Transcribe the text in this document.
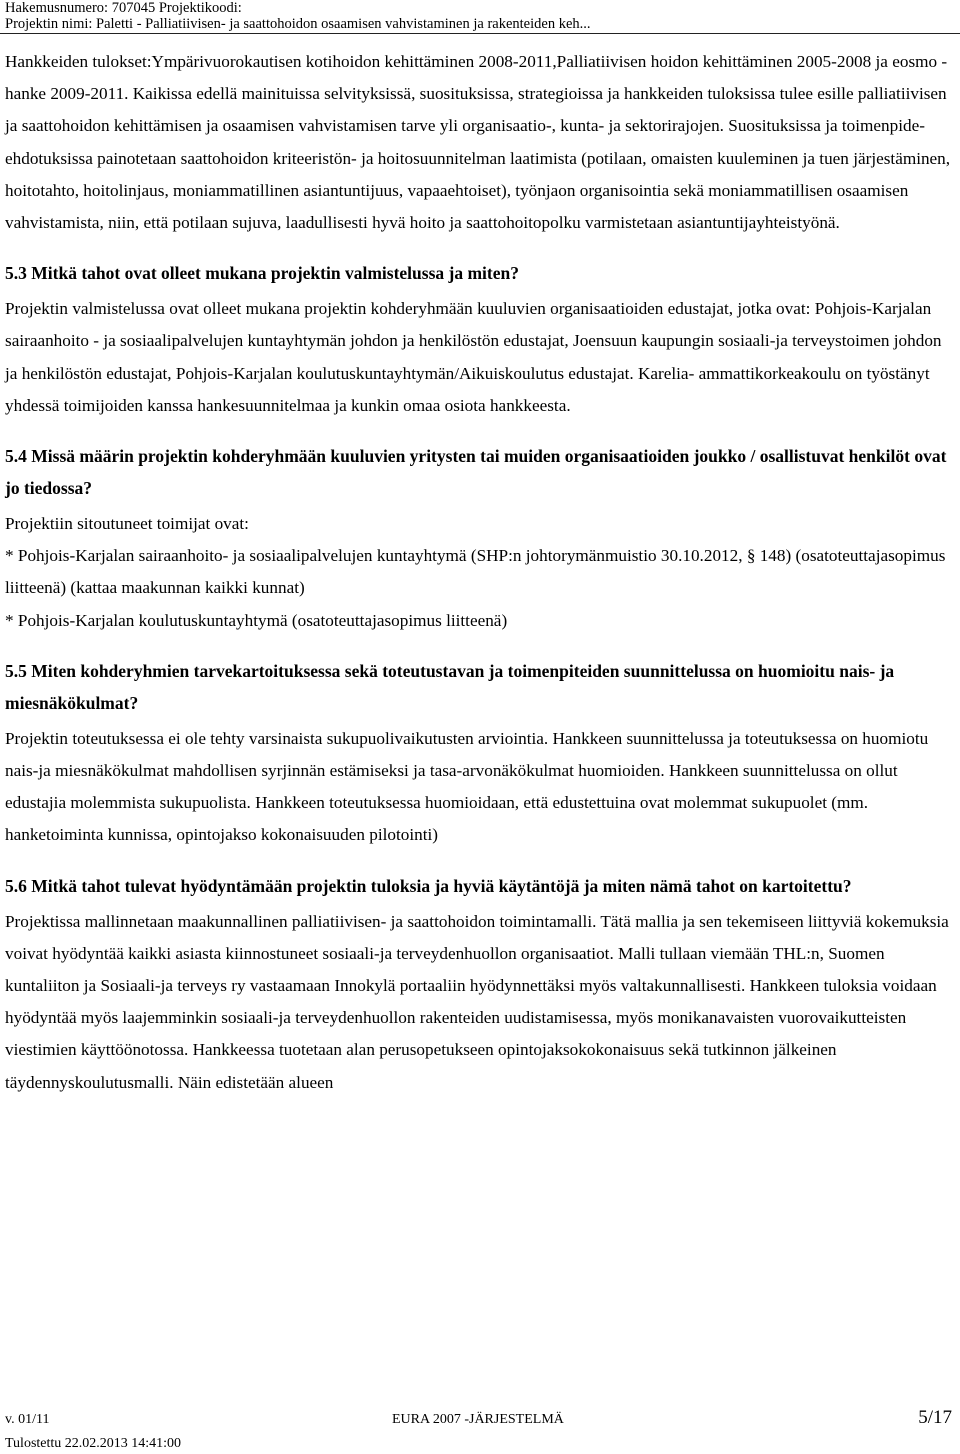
Hakemusnumero: 707045 Projektikoodi:
Projektin nimi: Paletti - Palliatiivisen- ja saattohoidon osaamisen vahvistaminen ja rakenteiden keh...

Hankkeiden tulokset:Ympärivuorokautisen kotihoidon kehittäminen 2008-2011,Palliatiivisen hoidon kehittäminen 2005-2008 ja eosmo -hanke 2009-2011. Kaikissa edellä mainituissa selvityksissä, suosituksissa, strategioissa ja hankkeiden tuloksissa tulee esille palliatiivisen ja saattohoidon kehittämisen ja osaamisen vahvistamisen tarve yli organisaatio-, kunta- ja sektorirajojen. Suosituksissa ja toimenpide-ehdotuksissa painotetaan saattohoidon kriteeristön- ja hoitosuunnitelman laatimista (potilaan, omaisten kuuleminen ja tuen järjestäminen, hoitotahto, hoitolinjaus, moniammatillinen asiantuntijuus, vapaaehtoiset), työnjaon organisointia sekä moniammatillisen osaamisen vahvistamista, niin, että potilaan sujuva, laadullisesti hyvä hoito ja saattohoitopolku varmistetaan asiantuntijayhteistyönä.

5.3 Mitkä tahot ovat olleet mukana projektin valmistelussa ja miten?

Projektin valmistelussa ovat olleet mukana projektin kohderyhmään kuuluvien organisaatioiden edustajat, jotka ovat: Pohjois-Karjalan sairaanhoito - ja sosiaalipalvelujen kuntayhtymän johdon ja henkilöstön edustajat, Joensuun kaupungin sosiaali-ja terveystoimen johdon ja henkilöstön edustajat, Pohjois-Karjalan koulutuskuntayhtymän/Aikuiskoulutus edustajat. Karelia- ammattikorkeakoulu on työstänyt yhdessä toimijoiden kanssa hankesuunnitelmaa ja kunkin omaa osiota hankkeesta.

5.4 Missä määrin projektin kohderyhmään kuuluvien yritysten tai muiden organisaatioiden joukko / osallistuvat henkilöt ovat jo tiedossa?

Projektiin sitoutuneet toimijat ovat:

* Pohjois-Karjalan sairaanhoito- ja sosiaalipalvelujen kuntayhtymä (SHP:n johtorymänmuistio 30.10.2012, § 148) (osatoteuttajasopimus liitteenä) (kattaa maakunnan kaikki kunnat)

* Pohjois-Karjalan koulutuskuntayhtymä (osatoteuttajasopimus liitteenä)

5.5 Miten kohderyhmien tarvekartoituksessa sekä toteutustavan ja toimenpiteiden suunnittelussa on huomioitu nais- ja miesnäkökulmat?

Projektin toteutuksessa ei ole tehty varsinaista sukupuolivaikutusten arviointia. Hankkeen suunnittelussa ja toteutuksessa on huomiotu nais-ja miesnäkökulmat mahdollisen syrjinnän estämiseksi ja tasa-arvonäkökulmat huomioiden. Hankkeen suunnittelussa on ollut edustajia molemmista sukupuolista. Hankkeen toteutuksessa huomioidaan, että edustettuina ovat molemmat sukupuolet (mm. hanketoiminta kunnissa, opintojakso kokonaisuuden pilotointi)

5.6 Mitkä tahot tulevat hyödyntämään projektin tuloksia ja hyviä käytäntöjä ja miten nämä tahot on kartoitettu?

Projektissa mallinnetaan maakunnallinen palliatiivisen- ja saattohoidon toimintamalli. Tätä mallia ja sen tekemiseen liittyviä kokemuksia voivat hyödyntää kaikki asiasta kiinnostuneet sosiaali-ja terveydenhuollon organisaatiot. Malli tullaan viemään THL:n, Suomen kuntaliiton ja Sosiaali-ja terveys ry vastaamaan Innokylä portaaliin hyödynnettäksi myös valtakunnallisesti. Hankkeen tuloksia voidaan hyödyntää myös laajemminkin sosiaali-ja terveydenhuollon rakenteiden uudistamisessa, myös monikanavaisten vuorovaikutteisten viestimien käyttöönotossa. Hankkeessa tuotetaan alan perusopetukseen opintojaksokokonaisuus sekä tutkinnon jälkeinen täydennyskoulutusmalli. Näin edistetään alueen

v. 01/11
Tulostettu 22.02.2013 14:41:00
EURA 2007 -JÄRJESTELMÄ	5/17
